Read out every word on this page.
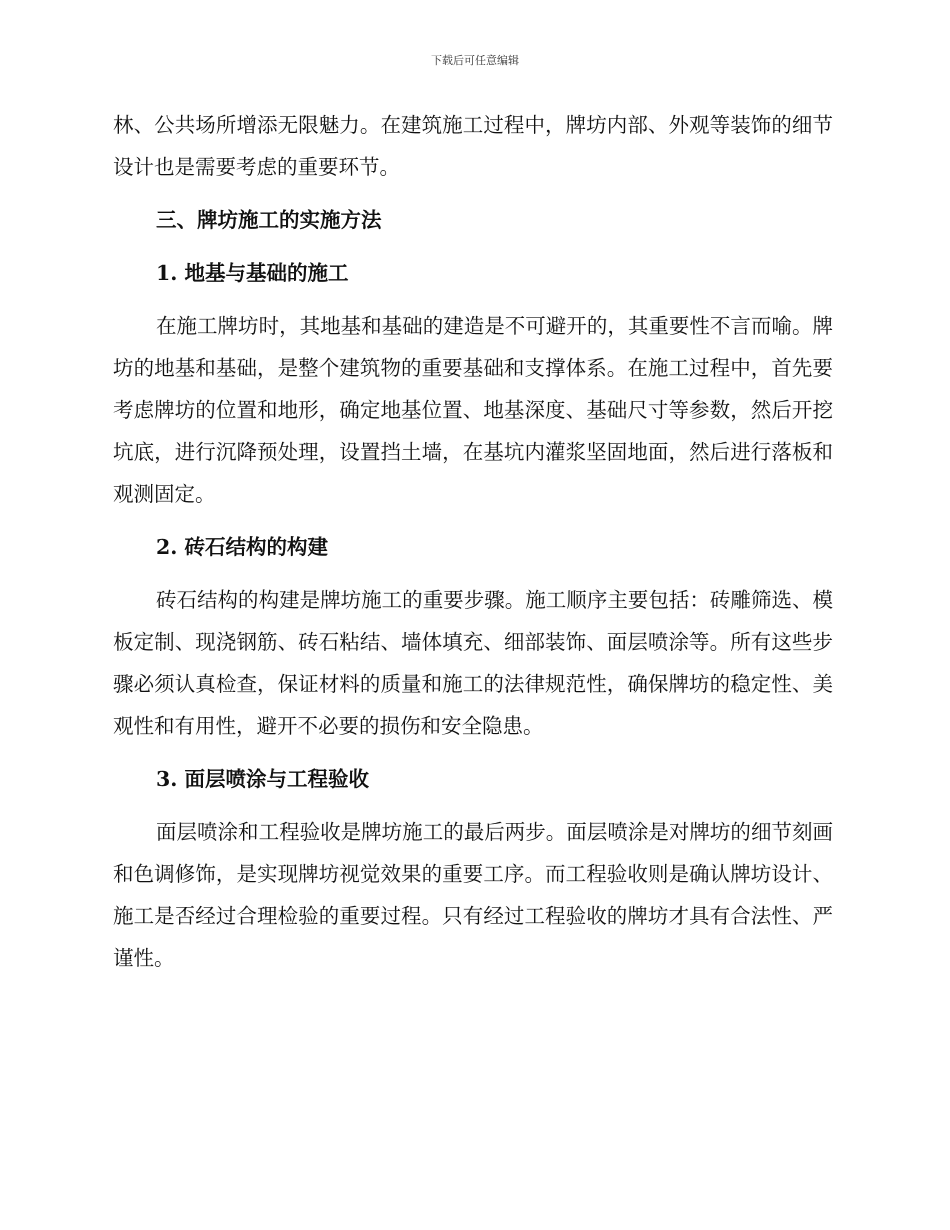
下载后可任意编辑

林、公共场所增添无限魅力。在建筑施工过程中，牌坊内部、外观等装饰的细节设计也是需要考虑的重要环节。

三、牌坊施工的实施方法
1. 地基与基础的施工

在施工牌坊时，其地基和基础的建造是不可避开的，其重要性不言而喻。牌坊的地基和基础，是整个建筑物的重要基础和支撑体系。在施工过程中，首先要考虑牌坊的位置和地形，确定地基位置、地基深度、基础尺寸等参数，然后开挖坑底，进行沉降预处理，设置挡土墙，在基坑内灌浆坚固地面，然后进行落板和观测固定。

2. 砖石结构的构建

砖石结构的构建是牌坊施工的重要步骤。施工顺序主要包括：砖雕筛选、模板定制、现浇钢筋、砖石粘结、墙体填充、细部装饰、面层喷涂等。所有这些步骤必须认真检查，保证材料的质量和施工的法律规范性，确保牌坊的稳定性、美观性和有用性，避开不必要的损伤和安全隐患。

3. 面层喷涂与工程验收

面层喷涂和工程验收是牌坊施工的最后两步。面层喷涂是对牌坊的细节刻画和色调修饰，是实现牌坊视觉效果的重要工序。而工程验收则是确认牌坊设计、施工是否经过合理检验的重要过程。只有经过工程验收的牌坊才具有合法性、严谨性。
